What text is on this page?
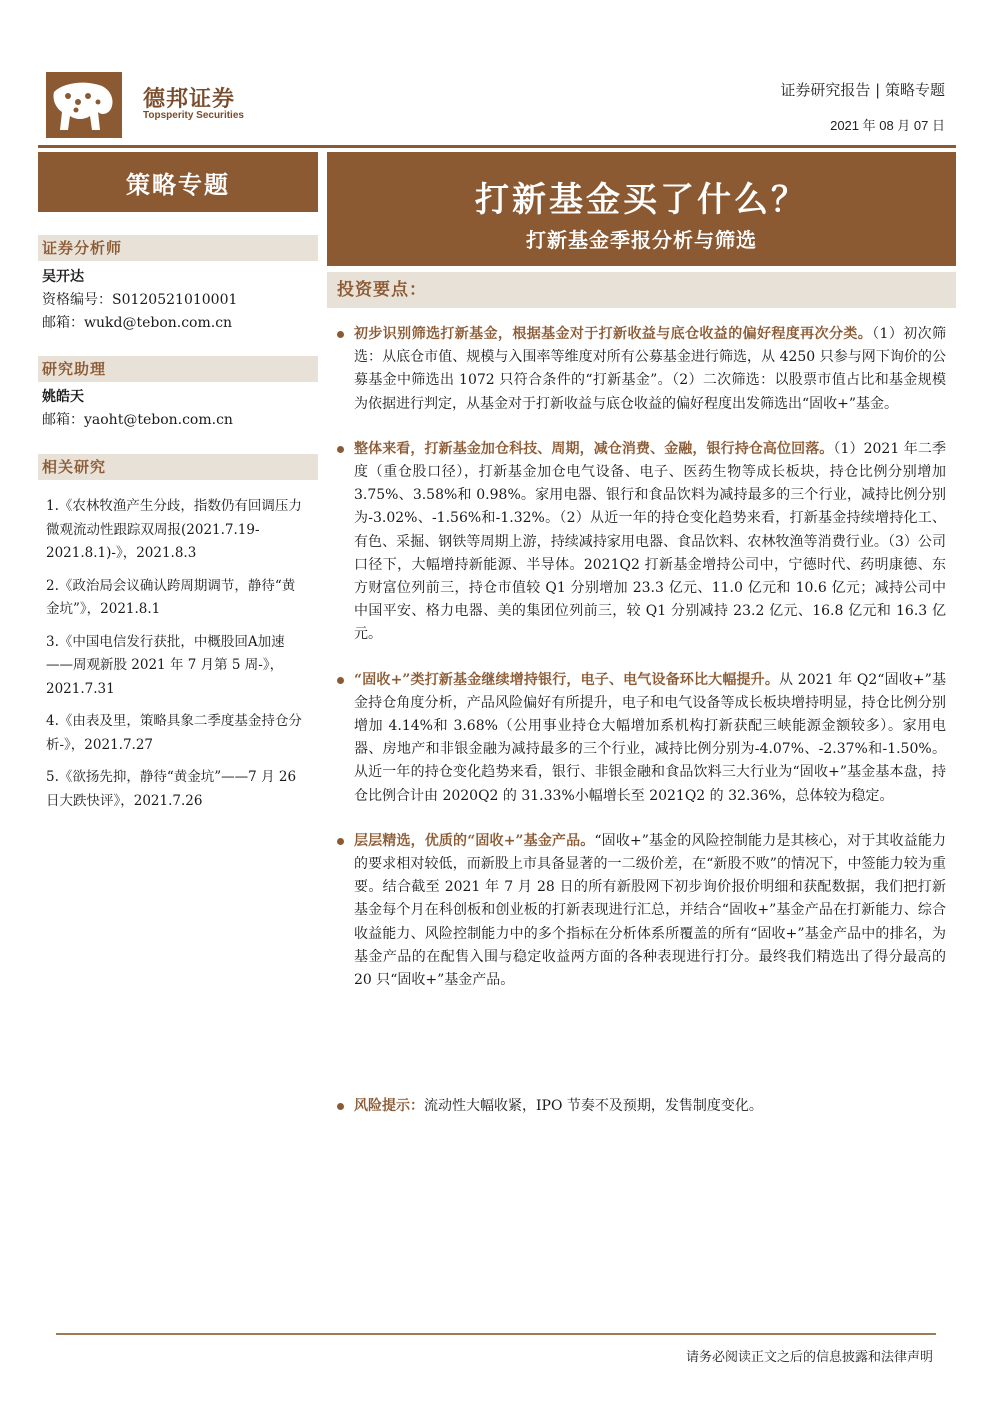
德邦证券
Topsperity Securities
证券研究报告 | 策略专题
2021 年 08 月 07 日
策略专题
证券分析师
吴开达
资格编号：S0120521010001
邮箱：wukd@tebon.com.cn
研究助理
姚皓天
邮箱：yaoht@tebon.com.cn
相关研究
1.《农林牧渔产生分歧，指数仍有回调压力微观流动性跟踪双周报(2021.7.19-2021.8.1)-》，2021.8.3
2.《政治局会议确认跨周期调节，静待“黄金坑”》，2021.8.1
3.《中国电信发行获批，中概股回A加速——周观新股 2021 年 7 月第 5 周-》，2021.7.31
4.《由表及里，策略具象二季度基金持仓分析-》，2021.7.27
5.《欲扬先抑，静待“黄金坑”——7 月 26 日大跌快评》，2021.7.26
打新基金买了什么？
打新基金季报分析与筛选
投资要点：
初步识别筛选打新基金，根据基金对于打新收益与底仓收益的偏好程度再次分类。（1）初次筛选：从底仓市值、规模与入围率等维度对所有公募基金进行筛选，从 4250 只参与网下询价的公募基金中筛选出 1072 只符合条件的“打新基金”。（2）二次筛选：以股票市值占比和基金规模为依据进行判定，从基金对于打新收益与底仓收益的偏好程度出发筛选出“固收+”基金。
整体来看，打新基金加仓科技、周期，减仓消费、金融，银行持仓高位回落。（1）2021 年二季度（重仓股口径），打新基金加仓电气设备、电子、医药生物等成长板块，持仓比例分别增加 3.75%、3.58%和 0.98%。家用电器、银行和食品饮料为减持最多的三个行业，减持比例分别为-3.02%、-1.56%和-1.32%。（2）从近一年的持仓变化趋势来看，打新基金持续增持化工、有色、采掘、钢铁等周期上游，持续减持家用电器、食品饮料、农林牧渔等消费行业。（3）公司口径下，大幅增持新能源、半导体。2021Q2 打新基金增持公司中，宁德时代、药明康德、东方财富位列前三，持仓市值较 Q1 分别增加 23.3 亿元、11.0 亿元和 10.6 亿元；减持公司中中国平安、格力电器、美的集团位列前三，较 Q1 分别减持 23.2 亿元、16.8 亿元和 16.3 亿元。
“固收+”类打新基金继续增持银行，电子、电气设备环比大幅提升。从 2021 年 Q2“固收+”基金持仓角度分析，产品风险偏好有所提升，电子和电气设备等成长板块增持明显，持仓比例分别增加 4.14%和 3.68%（公用事业持仓大幅增加系机构打新获配三峡能源金额较多）。家用电器、房地产和非银金融为减持最多的三个行业，减持比例分别为-4.07%、-2.37%和-1.50%。从近一年的持仓变化趋势来看，银行、非银金融和食品饮料三大行业为“固收+”基金基本盘，持仓比例合计由 2020Q2 的 31.33%小幅增长至 2021Q2 的 32.36%，总体较为稳定。
层层精选，优质的“固收+”基金产品。“固收+”基金的风险控制能力是其核心，对于其收益能力的要求相对较低，而新股上市具备显著的一二级价差，在“新股不败”的情况下，中签能力较为重要。结合截至 2021 年 7 月 28 日的所有新股网下初步询价报价明细和获配数据，我们把打新基金每个月在科创板和创业板的打新表现进行汇总，并结合“固收+”基金产品在打新能力、综合收益能力、风险控制能力中的多个指标在分析体系所覆盖的所有“固收+”基金产品中的排名，为基金产品的在配售入围与稳定收益两方面的各种表现进行打分。最终我们精选出了得分最高的 20 只“固收+”基金产品。
风险提示：流动性大幅收紧，IPO 节奏不及预期，发售制度变化。
请务必阅读正文之后的信息披露和法律声明
